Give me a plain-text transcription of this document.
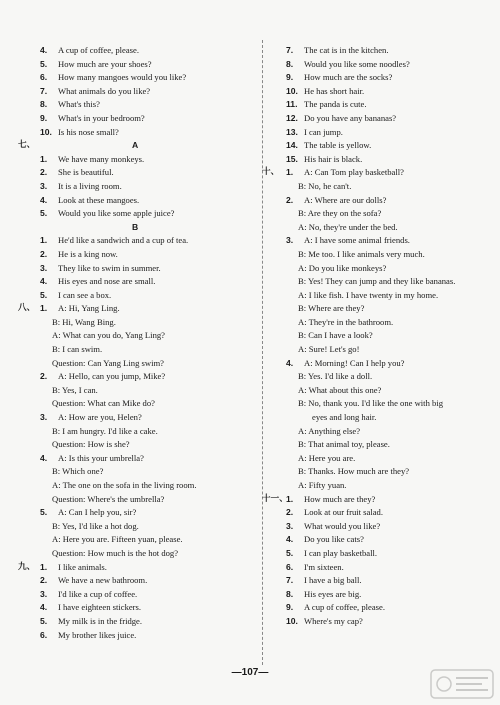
4. A cup of coffee, please.
5. How much are your shoes?
6. How many mangoes would you like?
7. What animals do you like?
8. What's this?
9. What's in your bedroom?
10. Is his nose small?
七、	A
1. We have many monkeys.
2. She is beautiful.
3. It is a living room.
4. Look at these mangoes.
5. Would you like some apple juice?
B
1. He'd like a sandwich and a cup of tea.
2. He is a king now.
3. They like to swim in summer.
4. His eyes and nose are small.
5. I can see a box.
八、 1. A: Hi, Yang Ling.
B: Hi, Wang Bing.
A: What can you do, Yang Ling?
B: I can swim.
Question: Can Yang Ling swim?
2. A: Hello, can you jump, Mike?
B: Yes, I can.
Question: What can Mike do?
3. A: How are you, Helen?
B: I am hungry. I'd like a cake.
Question: How is she?
4. A: Is this your umbrella?
B: Which one?
A: The one on the sofa in the living room.
Question: Where's the umbrella?
5. A: Can I help you, sir?
B: Yes, I'd like a hot dog.
A: Here you are. Fifteen yuan, please.
Question: How much is the hot dog?
九、 1. I like animals.
2. We have a new bathroom.
3. I'd like a cup of coffee.
4. I have eighteen stickers.
5. My milk is in the fridge.
6. My brother likes juice.
7. The cat is in the kitchen.
8. Would you like some noodles?
9. How much are the socks?
10. He has short hair.
11. The panda is cute.
12. Do you have any bananas?
13. I can jump.
14. The table is yellow.
15. His hair is black.
十、 1. A: Can Tom play basketball?
B: No, he can't.
2. A: Where are our dolls?
B: Are they on the sofa?
A: No, they're under the bed.
3. A: I have some animal friends.
B: Me too. I like animals very much.
A: Do you like monkeys?
B: Yes! They can jump and they like bananas.
A: I like fish. I have twenty in my home.
B: Where are they?
A: They're in the bathroom.
B: Can I have a look?
A: Sure! Let's go!
4. A: Morning! Can I help you?
B: Yes. I'd like a doll.
A: What about this one?
B: No, thank you. I'd like the one with big
eyes and long hair.
A: Anything else?
B: That animal toy, please.
A: Here you are.
B: Thanks. How much are they?
A: Fifty yuan.
十一、
1. How much are they?
2. Look at our fruit salad.
3. What would you like?
4. Do you like cats?
5. I can play basketball.
6. I'm sixteen.
7. I have a big ball.
8. His eyes are big.
9. A cup of coffee, please.
10. Where's my cap?
—107—
